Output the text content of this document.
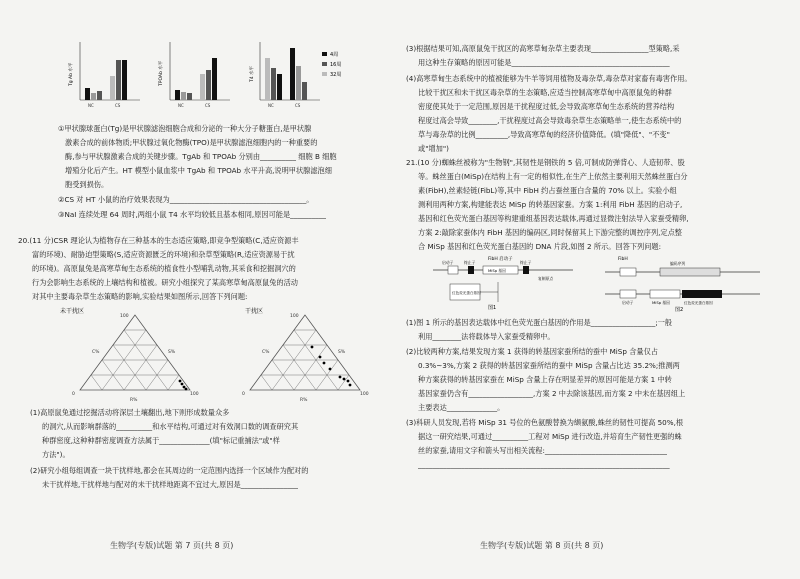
4周
16周
32周
Tg Ab 水平	TPOAb 水平	T4 水平
NC	CS	NC	CS	NC	CS
①甲状腺球蛋白(Tg)是甲状腺滤泡细胞合成和分泌的一种大分子糖蛋白,是甲状腺
激素合成的前体物质;甲状腺过氧化物酶(TPO)是甲状腺滤泡细胞内的一种重要的
酶,参与甲状腺激素合成的关键步骤。TgAb 和 TPOAb 分别由__________ 细胞 B 细胞
增殖分化后产生。HT 模型小鼠血浆中 TgAb 和 TPOAb 水平升高,说明甲状腺滤泡细
胞受到损伤。
②CS 对 HT 小鼠的治疗效果表现为______________________________________。
③NaI 连续处理 64 周时,两组小鼠 T4 水平均较低且基本相同,原因可能是__________
20.(11 分)CSR 理论认为植物存在三种基本的生态适应策略,即竞争型策略(C,适应资源丰
富的环境)、耐胁迫型策略(S,适应资源匮乏的环境)和杂草型策略(R,适应资源易于扰
的环境)。高原鼠兔是高寒草甸生态系统的植食性小型哺乳动物,其采食和挖掘洞穴的
行为会影响生态系统的上壤结构和植被。研究小组探究了某高寒草甸高原鼠兔的活动
对其中主要毒杂草生态策略的影响,实验结果如图所示,回答下列问题:
未干扰区	干扰区
C%	S%
R%
C%	S%
R%
100
0	100
100
0	100
(1)高原鼠兔通过挖掘活动将深层土壤翻出,地下则形成数量众多
的洞穴,从而影响群落的__________和水平结构,可通过对有效洞口数的调查研究其
种群密度,这种种群密度调查方法属于______________(填"标记重捕法"或"样
方法")。
(2)研究小组每组调查一块干扰样地,都会在其周边的一定范围内选择一个区域作为配对的
未干扰样地,干扰样地与配对的未干扰样地距离不宜过大,原因是________________
生物学(专版)试题 第 7 页(共 8 页)
(3)根据结果可知,高原鼠兔干扰区的高寒草甸杂草主要表现________________型策略,采
用这种生存策略的原因可能是____________________________________________
(4)高寒草甸生态系统中的植被能够为牛羊等饲用植物及毒杂草,毒杂草对家畜有毒害作用。
比较干扰区和未干扰区毒杂草的生态策略,应适当控制高寒草甸中高原鼠兔的种群
密度使其处于一定范围,原因是干扰程度过低,会导致高寒草甸生态系统的营养结构
程度过高会导致________,干扰程度过高会导致毒杂草生态策略单一,使生态系统中的
草与毒杂草的比例_________,导致高寒草甸的经济价值降低。(填"降低"、"不变"
或"增加")
21.(10 分)蜘蛛丝被称为"生物钢",其韧性是钢铁的 5 倍,可制成防弹背心、人造韧带、股
等。蛛丝蛋白(MiSp)在结构上有一定的相似性,在生产上依然主要利用天然蛛丝蛋白分
素(FibH),丝素轻链(FibL)等,其中 FibH 约占蚕丝蛋白含量的 70% 以上。实验小组
测利用两种方案,构建能表达 MiSp 的转基因家蚕。方案 1:利用 FibH 基因的启动子,
基因和红色荧光蛋白基因等构建重组基因表达载体,再通过显微注射法导入家蚕受精卵,
方案 2:敲除家蚕体内 FibH 基因的编码区,同时保留其上下游完整的调控序列,定点整
合 MiSp 基因和红色荧光蛋白基因的 DNA 片段,如图 2 所示。回答下列问题:
FibH 启动子
启动子	终止子
MiSp 基因
红色荧光蛋白基因
终止子
复制原点
图1
FibH
启动子	MiSp 基因	红色荧光蛋白基因
编码序列
图2
(1)图 1 所示的基因表达载体中红色荧光蛋白基因的作用是__________________;一般
利用________法将载体导入家蚕受精卵中。
(2)比较两种方案,结果发现方案 1 获得的转基因家蚕所结的蚕中 MiSp 含量仅占
0.3%~3%,方案 2 获得的转基因家蚕所结的蚕中 MiSp 含量占比达 35.2%;推测两
种方案获得的转基因家蚕在 MiSp 含量上存在明显差异的原因可能是方案 1 中转
基因家蚕仍含有__________________,方案 2 中去除该基因,而方案 2 中未在基因组上
主要表达______________。
(3)科研人员发现,若将 MiSp 31 号位的色氨酸替换为缬氨酸,蛛丝的韧性可提高 50%,根
据这一研究结果,可通过__________工程对 MiSp 进行改造,并培育生产韧性更强的蛛
丝的家蚕,请用文字和箭头写出相关流程:__________________________________
______________________________________________________________________
生物学(专版)试题 第 8 页(共 8 页)
